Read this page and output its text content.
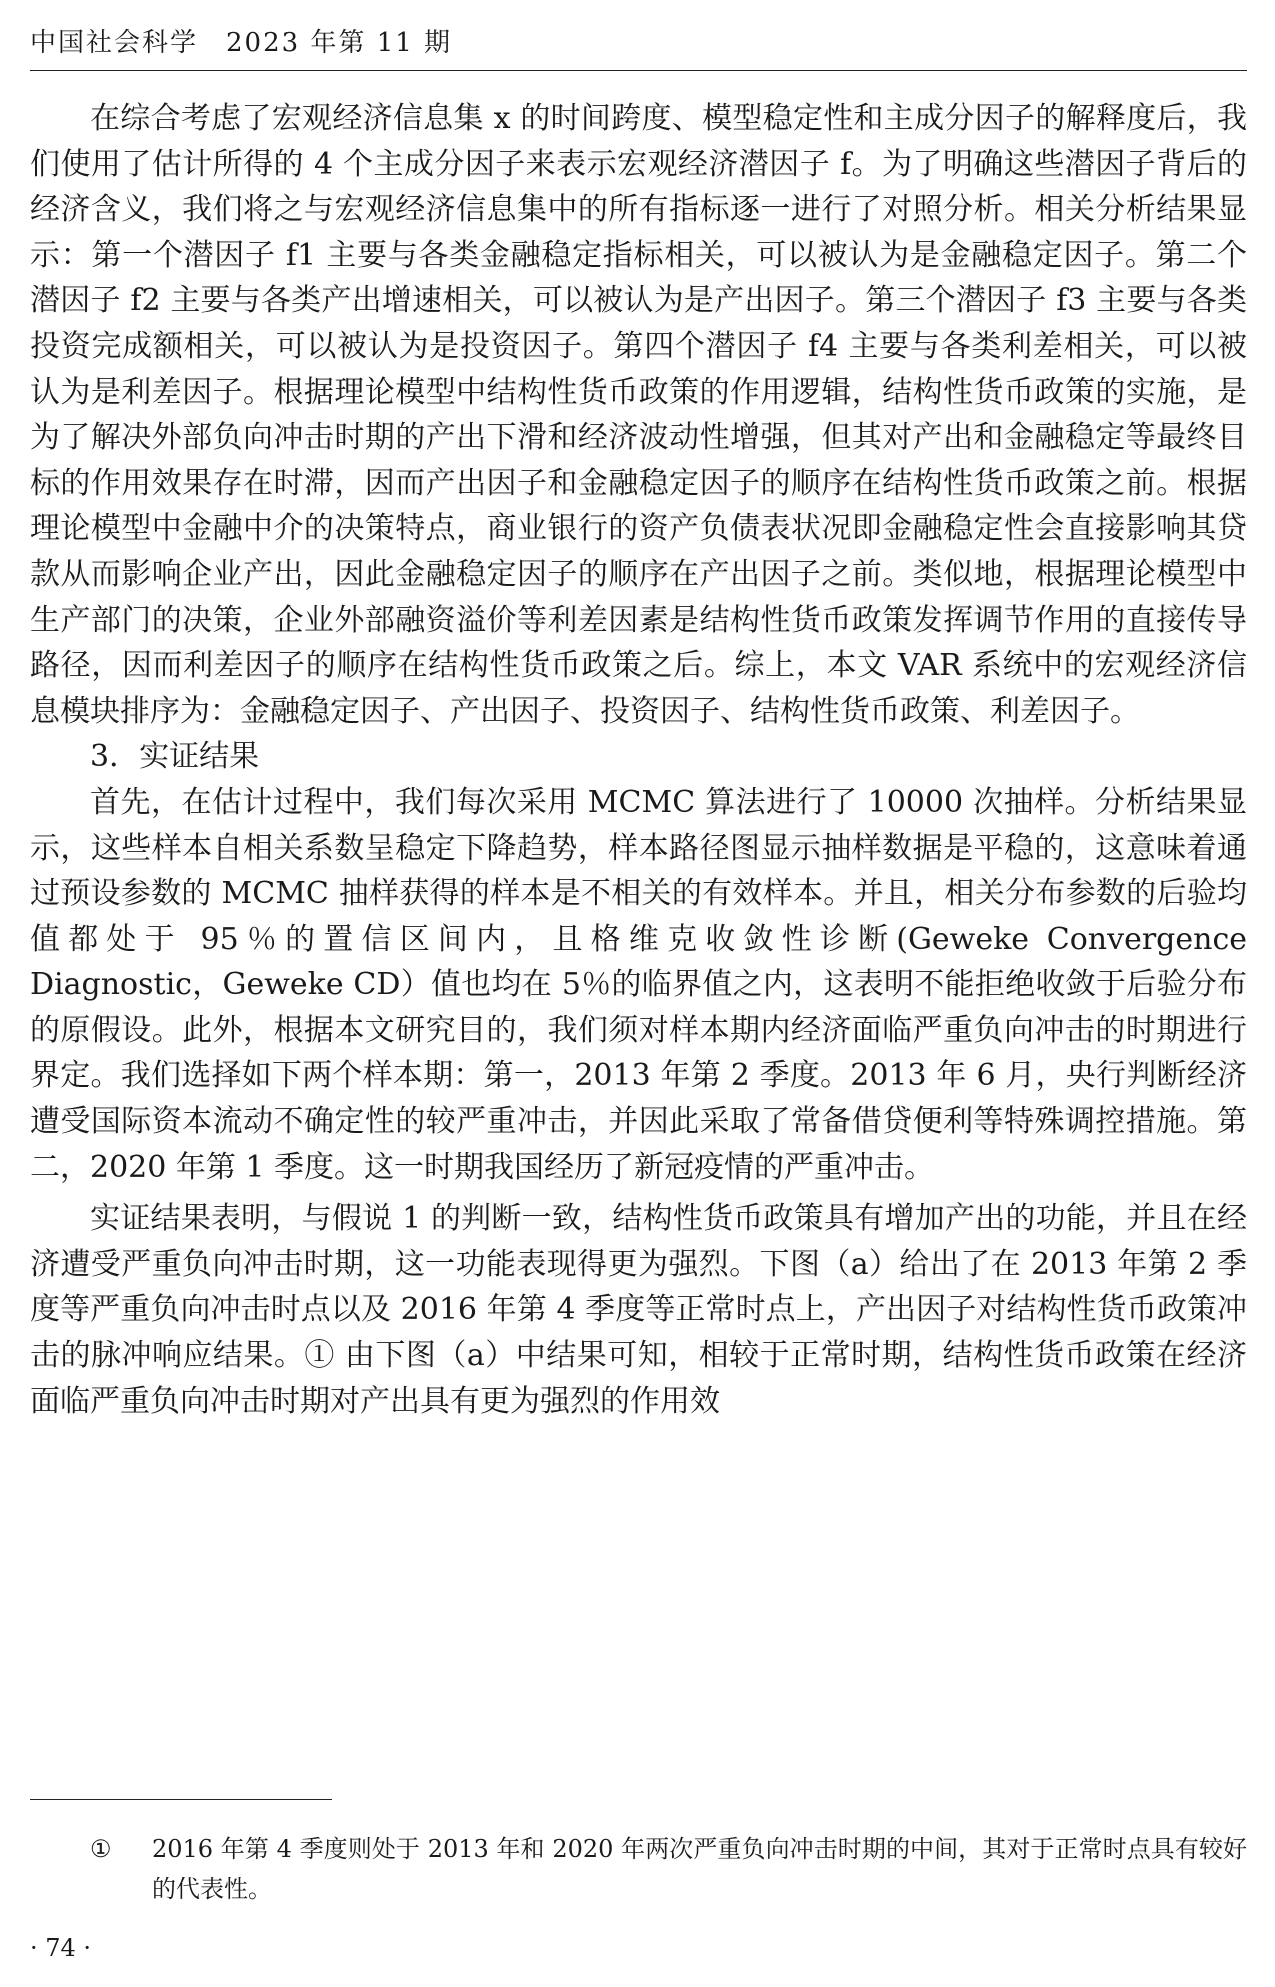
中国社会科学　2023 年第 11 期

在综合考虑了宏观经济信息集 x 的时间跨度、模型稳定性和主成分因子的解释度后，我们使用了估计所得的 4 个主成分因子来表示宏观经济潜因子 f。为了明确这些潜因子背后的经济含义，我们将之与宏观经济信息集中的所有指标逐一进行了对照分析。相关分析结果显示：第一个潜因子 f1 主要与各类金融稳定指标相关，可以被认为是金融稳定因子。第二个潜因子 f2 主要与各类产出增速相关，可以被认为是产出因子。第三个潜因子 f3 主要与各类投资完成额相关，可以被认为是投资因子。第四个潜因子 f4 主要与各类利差相关，可以被认为是利差因子。根据理论模型中结构性货币政策的作用逻辑，结构性货币政策的实施，是为了解决外部负向冲击时期的产出下滑和经济波动性增强，但其对产出和金融稳定等最终目标的作用效果存在时滞，因而产出因子和金融稳定因子的顺序在结构性货币政策之前。根据理论模型中金融中介的决策特点，商业银行的资产负债表状况即金融稳定性会直接影响其贷款从而影响企业产出，因此金融稳定因子的顺序在产出因子之前。类似地，根据理论模型中生产部门的决策，企业外部融资溢价等利差因素是结构性货币政策发挥调节作用的直接传导路径，因而利差因子的顺序在结构性货币政策之后。综上，本文 VAR 系统中的宏观经济信息模块排序为：金融稳定因子、产出因子、投资因子、结构性货币政策、利差因子。

3．实证结果

首先，在估计过程中，我们每次采用 MCMC 算法进行了 10000 次抽样。分析结果显示，这些样本自相关系数呈稳定下降趋势，样本路径图显示抽样数据是平稳的，这意味着通过预设参数的 MCMC 抽样获得的样本是不相关的有效样本。并且，相关分布参数的后验均值都处于 95％的置信区间内，且格维克收敛性诊断(Geweke Convergence Diagnostic，Geweke CD）值也均在 5％的临界值之内，这表明不能拒绝收敛于后验分布的原假设。此外，根据本文研究目的，我们须对样本期内经济面临严重负向冲击的时期进行界定。我们选择如下两个样本期：第一，2013 年第 2 季度。2013 年 6 月，央行判断经济遭受国际资本流动不确定性的较严重冲击，并因此采取了常备借贷便利等特殊调控措施。第二，2020 年第 1 季度。这一时期我国经历了新冠疫情的严重冲击。

实证结果表明，与假说 1 的判断一致，结构性货币政策具有增加产出的功能，并且在经济遭受严重负向冲击时期，这一功能表现得更为强烈。下图（a）给出了在 2013 年第 2 季度等严重负向冲击时点以及 2016 年第 4 季度等正常时点上，产出因子对结构性货币政策冲击的脉冲响应结果。① 由下图（a）中结果可知，相较于正常时期，结构性货币政策在经济面临严重负向冲击时期对产出具有更为强烈的作用效

①	2016 年第 4 季度则处于 2013 年和 2020 年两次严重负向冲击时期的中间，其对于正常时点具有较好的代表性。
· 74 ·
